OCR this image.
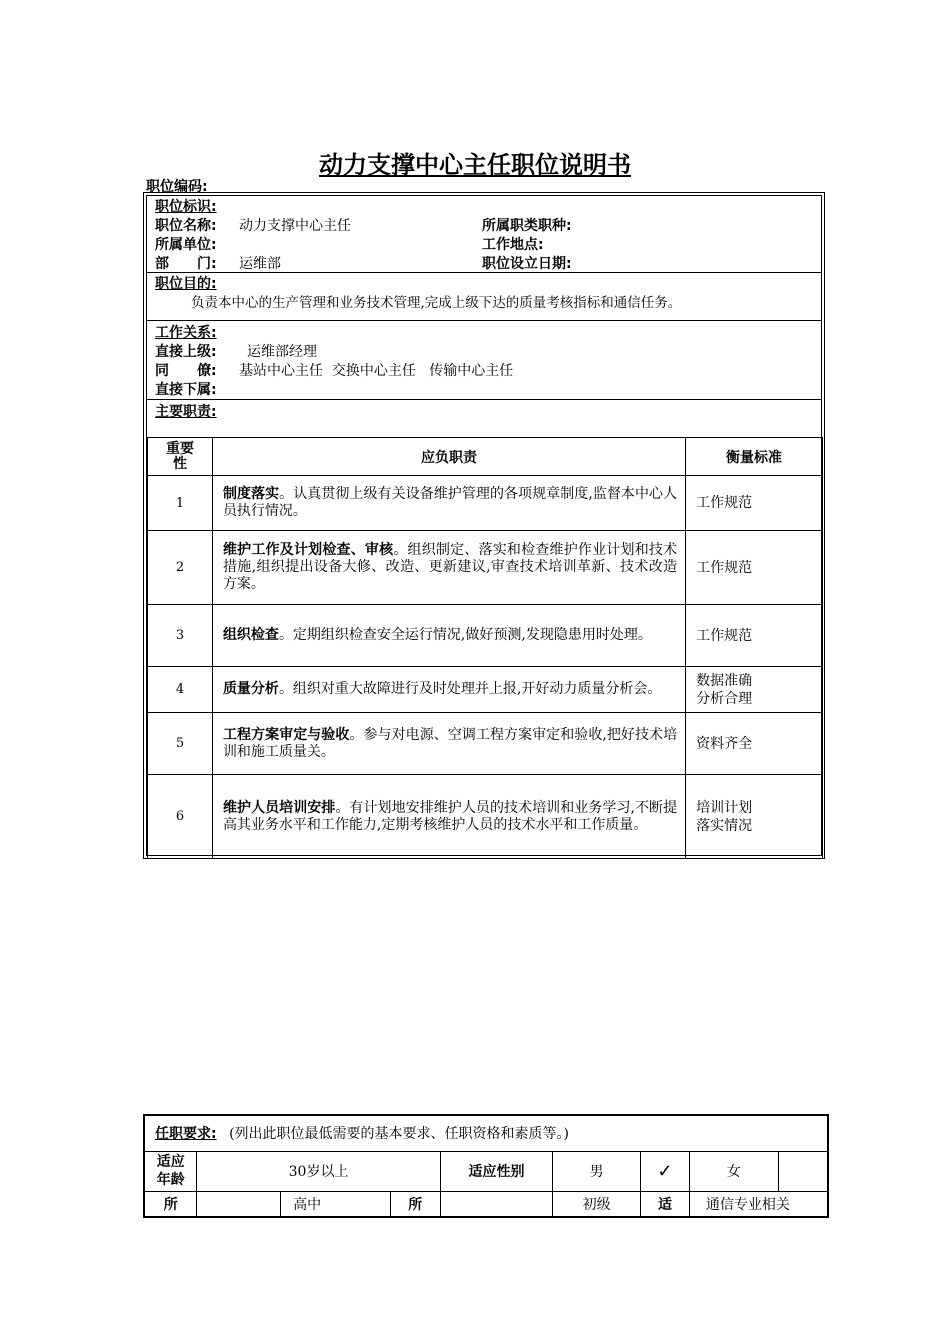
动力支撑中心主任职位说明书
职位编码:
职位标识:
职位名称: 动力支撑中心主任	所属职类职种:
所属单位:	工作地点:
部　　门: 运维部	职位设立日期:
职位目的:
负责本中心的生产管理和业务技术管理,完成上级下达的质量考核指标和通信任务。
工作关系:
直接上级: 运维部经理
同　　僚: 基站中心主任  交换中心主任   传输中心主任
直接下属:
主要职责:
重要性	应负职责	衡量标准
1	制度落实。认真贯彻上级有关设备维护管理的各项规章制度,监督本中心人员执行情况。	工作规范
2	维护工作及计划检查、审核。组织制定、落实和检查维护作业计划和技术措施,组织提出设备大修、改造、更新建议,审查技术培训革新、技术改造方案。	工作规范
3	组织检查。定期组织检查安全运行情况,做好预测,发现隐患用时处理。	工作规范
4	质量分析。组织对重大故障进行及时处理并上报,开好动力质量分析会。	数据准确 分析合理

5	工程方案审定与验收。参与对电源、空调工程方案审定和验收,把好技术培训和施工质量关。	资料齐全
6	维护人员培训安排。有计划地安排维护人员的技术培训和业务学习,不断提高其业务水平和工作能力,定期考核维护人员的技术水平和工作质量。	培训计划 落实情况
任职要求: (列出此职位最低需要的基本要求、任职资格和素质等。)								

适应年龄	30岁以上			适应性别	男	✓	女	
所		高中	所		初级	适	通信专业相关	
